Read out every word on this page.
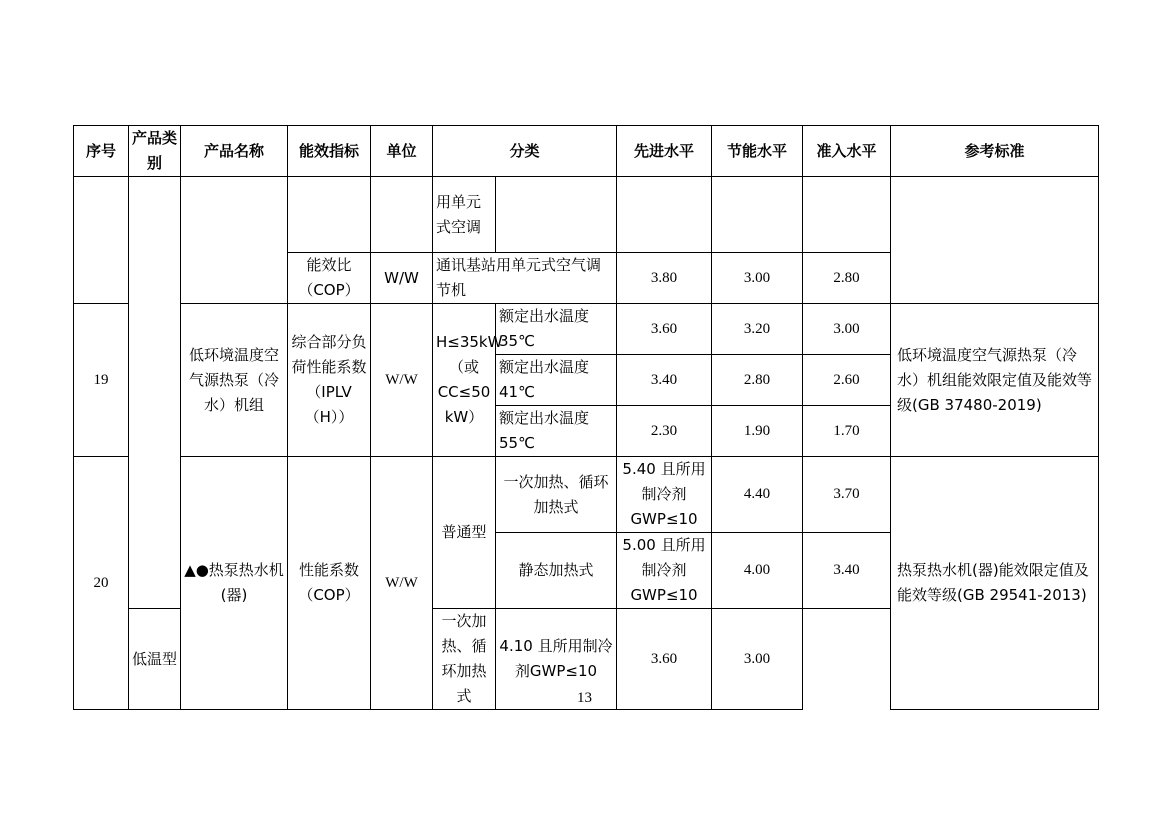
序号	产品类别	产品名称	能效指标	单位	分类		先进水平	节能水平	准入水平	参考标准
					用单元式空调					
			能效比（COP）	W/W	通讯基站用单元式空气调节机		3.80	3.00	2.80	
19		低环境温度空气源热泵（冷水）机组	综合部分负荷性能系数（IPLV（H））	W/W	H≤35kW（或CC≤50 kW）	额定出水温度 35℃	3.60	3.20	3.00	低环境温度空气源热泵（冷水）机组能效限定值及能效等级(GB 37480-2019)
						额定出水温度 41℃	3.40	2.80	2.60	
						额定出水温度 55℃	2.30	1.90	1.70	
20		▲●热泵热水机(器)	性能系数（COP）	W/W	普通型	一次加热、循环加热式	5.40 且所用制冷剂GWP≤10	4.40	3.70	热泵热水机(器)能效限定值及能效等级(GB 29541-2013)
						静态加热式	5.00 且所用制冷剂GWP≤10	4.00	3.40	
	低温型				一次加热、循环加热式	4.10 且所用制冷剂GWP≤10	3.60	3.00		
13
